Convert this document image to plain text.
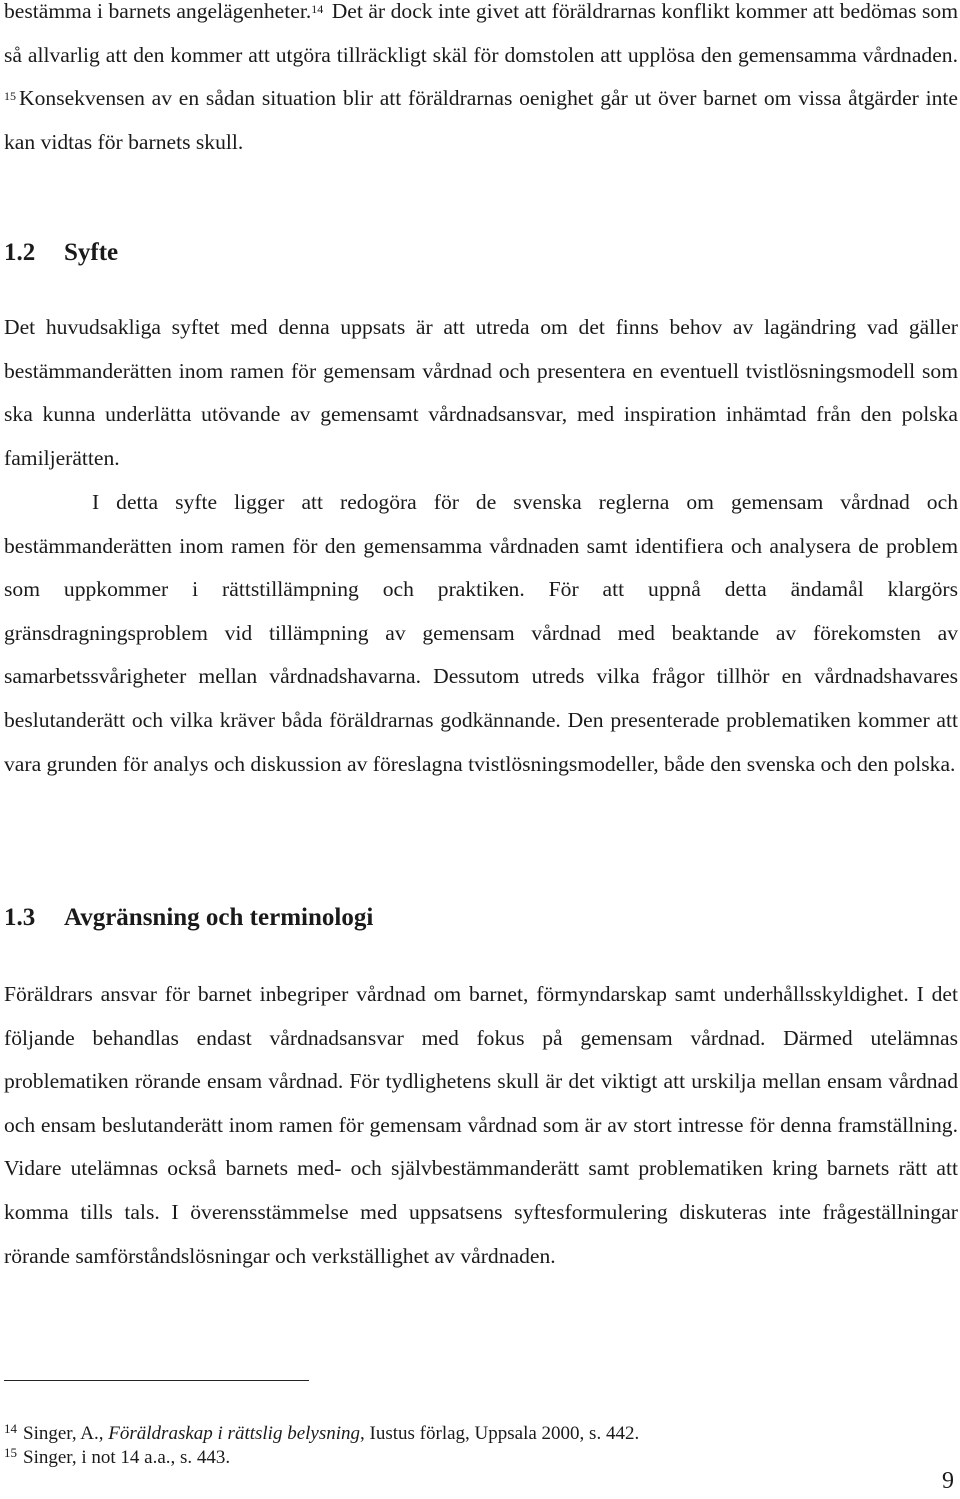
bestämma i barnets angelägenheter.$^{14}$ Det är dock inte givet att föräldrarnas konflikt kommer att bedömas som så allvarlig att den kommer att utgöra tillräckligt skäl för domstolen att upplösa den gemensamma vårdnaden. $^{15}$ Konsekvensen av en sådan situation blir att föräldrarnas oenighet går ut över barnet om vissa åtgärder inte kan vidtas för barnets skull.

1.2 Syfte

Det huvudsakliga syftet med denna uppsats är att utreda om det finns behov av lagändring vad gäller bestämmanderätten inom ramen för gemensam vårdnad och presentera en eventuell tvistlösningsmodell som ska kunna underlätta utövande av gemensamt vårdnadsansvar, med inspiration inhämtad från den polska familjerätten.

I detta syfte ligger att redogöra för de svenska reglerna om gemensam vårdnad och bestämmanderätten inom ramen för den gemensamma vårdnaden samt identifiera och analysera de problem som uppkommer i rättstillämpning och praktiken. För att uppnå detta ändamål klargörs gränsdragningsproblem vid tillämpning av gemensam vårdnad med beaktande av förekomsten av samarbetssvårigheter mellan vårdnadshavarna. Dessutom utreds vilka frågor tillhör en vårdnadshavares beslutanderätt och vilka kräver båda föräldrarnas godkännande. Den presenterade problematiken kommer att vara grunden för analys och diskussion av föreslagna tvistlösningsmodeller, både den svenska och den polska.

1.3 Avgränsning och terminologi

Föräldrars ansvar för barnet inbegriper vårdnad om barnet, förmyndarskap samt underhållsskyldighet. I det följande behandlas endast vårdnadsansvar med fokus på gemensam vårdnad. Därmed utelämnas problematiken rörande ensam vårdnad. För tydlighetens skull är det viktigt att urskilja mellan ensam vårdnad och ensam beslutanderätt inom ramen för gemensam vårdnad som är av stort intresse för denna framställning. Vidare utelämnas också barnets med- och självbestämmanderätt samt problematiken kring barnets rätt att komma tills tals. I överensstämmelse med uppsatsens syftesformulering diskuteras inte frågeställningar rörande samförståndslösningar och verkställighet av vårdnaden.

$^{14}$ Singer, A., Föräldraskap i rättslig belysning, Iustus förlag, Uppsala 2000, s. 442.

$^{15}$ Singer, i not 14 a.a., s. 443.

9
